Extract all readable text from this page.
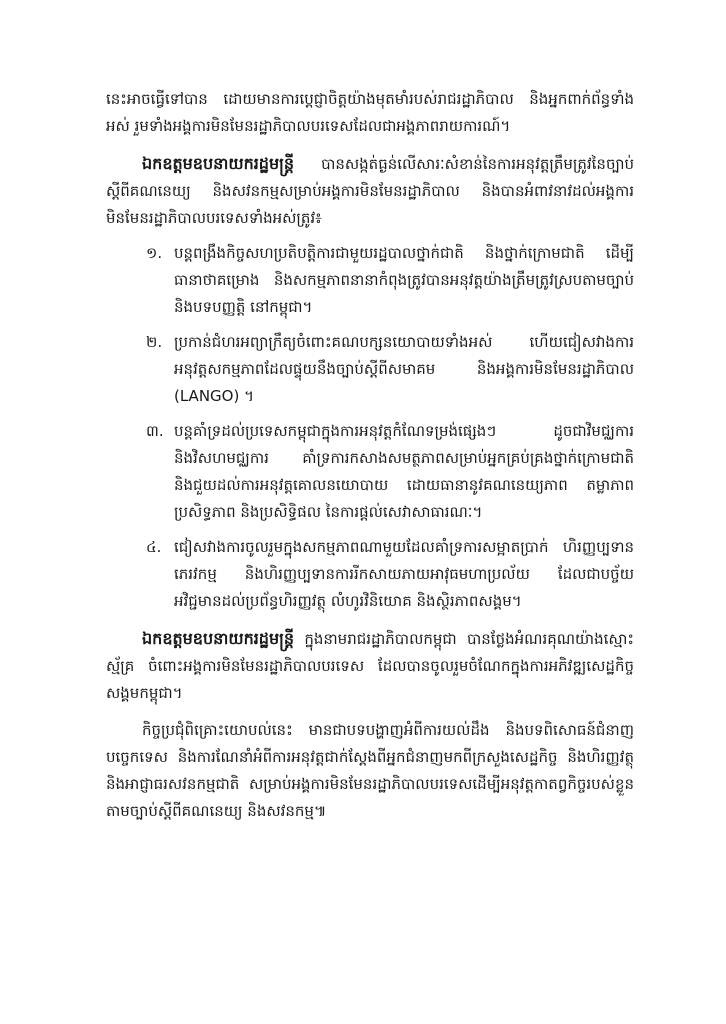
នេះអាចធ្វើទៅបាន ដោយមានការប្តេជ្ញាចិត្តយ៉ាងមុតមាំរបស់រាជរដ្ឋាភិបាល និងអ្នកពាក់ព័ន្ធទាំងអស់ រួមទាំងអង្គការមិនមែនរដ្ឋាភិបាលបរទេសដែលជាអង្គភាពរាយការណ៍។

ឯកឧត្តមឧបនាយករដ្ឋមន្ត្រី បានសង្កត់ធ្ងន់លើសារៈសំខាន់នៃការអនុវត្តត្រឹមត្រូវនៃច្បាប់ស្តីពីគណនេយ្យ និងសវនកម្មសម្រាប់អង្គការមិនមែនរដ្ឋាភិបាល និងបានអំពាវនាវដល់អង្គការមិនមែនរដ្ឋាភិបាលបរទេសទាំងអស់ត្រូវ៖

១. បន្តពង្រឹងកិច្ចសហប្រតិបត្តិការជាមួយរដ្ឋបាលថ្នាក់ជាតិ និងថ្នាក់ក្រោមជាតិ ដើម្បីធានាថាគម្រោង និងសកម្មភាពនានាកំពុងត្រូវបានអនុវត្តយ៉ាងត្រឹមត្រូវស្របតាមច្បាប់ និងបទបញ្ញត្តិ នៅកម្ពុជា។
២. ប្រកាន់ជំហរអព្យាក្រឹត្យចំពោះគណបក្សនយោបាយទាំងអស់ ហើយជៀសវាងការអនុវត្តសកម្មភាពដែលផ្ទុយនឹងច្បាប់ស្តីពីសមាគម និងអង្គការមិនមែនរដ្ឋាភិបាល (LANGO) ។
៣. បន្តគាំទ្រដល់ប្រទេសកម្ពុជាក្នុងការអនុវត្តកំណែទម្រង់ផ្សេងៗ ដូចជាវិមជ្ឈការ និងវិសហមជ្ឈការ គាំទ្រការកសាងសមត្ថភាពសម្រាប់អ្នកគ្រប់គ្រងថ្នាក់ក្រោមជាតិ និងជួយដល់ការអនុវត្តគោលនយោបាយ ដោយធានានូវគណនេយ្យភាព តម្លាភាព ប្រសិទ្ធភាព និងប្រសិទ្ធិផល នៃការផ្តល់សេវាសាធារណៈ។
៤. ជៀសវាងការចូលរួមក្នុងសកម្មភាពណាមួយដែលគាំទ្រការសម្អាតប្រាក់ ហិរញ្ញប្បទានភេរវកម្ម និងហិរញ្ញប្បទានការរីកសាយភាយអាវុធមហាប្រល័យ ដែលជាបច្ច័យអវិជ្ជមានដល់ប្រព័ន្ធហិរញ្ញវត្ថុ លំហូរវិនិយោគ និងស្ថិរភាពសង្គម។

ឯកឧត្តមឧបនាយករដ្ឋមន្ត្រី ក្នុងនាមរាជរដ្ឋាភិបាលកម្ពុជា បានថ្លែងអំណរគុណយ៉ាងស្មោះស្ម័គ្រ ចំពោះអង្គការមិនមែនរដ្ឋាភិបាលបរទេស ដែលបានចូលរួមចំណែកក្នុងការអភិវឌ្ឍសេដ្ឋកិច្ចសង្គមកម្ពុជា។

កិច្ចប្រជុំពិគ្រោះយោបល់នេះ មានជាបទបង្ហាញអំពីការយល់ដឹង និងបទពិសោធន៍ជំនាញបច្ចេកទេស និងការណែនាំអំពីការអនុវត្តជាក់ស្តែងពីអ្នកជំនាញមកពីក្រសួងសេដ្ឋកិច្ច និងហិរញ្ញវត្ថុ និងអាជ្ញាធរសវនកម្មជាតិ សម្រាប់អង្គការមិនមែនរដ្ឋាភិបាលបរទេសដើម្បីអនុវត្តកាតព្វកិច្ចរបស់ខ្លួនតាមច្បាប់ស្តីពីគណនេយ្យ និងសវនកម្ម៕
